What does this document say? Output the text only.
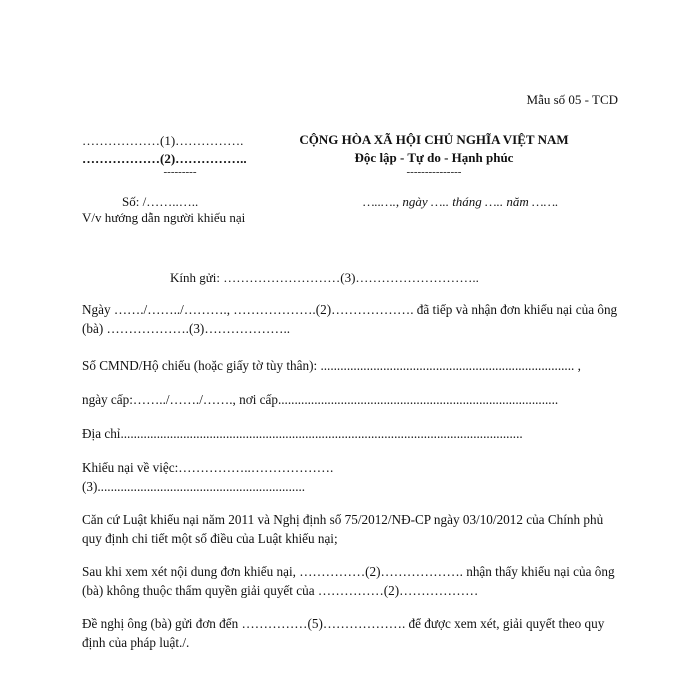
Mẫu số 05 - TCD
………………(1)…………….
………………(2)……………..
---------
CỘNG HÒA XÃ HỘI CHỦ NGHĨA VIỆT NAM
Độc lập - Tự do - Hạnh phúc
---------------
Số: /……..…..	…..…., ngày ….. tháng ….. năm …….
V/v hướng dẫn người khiếu nại
Kính gửi: ………………………(3)………………………..
Ngày ……./……../………., ……………….(2)………………. đã tiếp và nhận đơn khiếu nại của ông (bà) ……………….(3)………………..
Số CMND/Hộ chiếu (hoặc giấy tờ tùy thân): ............................................................................. ,
ngày cấp:……../……./……., nơi cấp.....................................................................................
Địa chỉ..........................................................................................................................
Khiếu nại về việc:……………..……………….
(3)...............................................................
Căn cứ Luật khiếu nại năm 2011 và Nghị định số 75/2012/NĐ-CP ngày 03/10/2012 của Chính phủ quy định chi tiết một số điều của Luật khiếu nại;
Sau khi xem xét nội dung đơn khiếu nại, ……………(2)………………. nhận thấy khiếu nại của ông (bà) không thuộc thẩm quyền giải quyết của ……………(2)………………
Đề nghị ông (bà) gửi đơn đến ……………(5)………………. để được xem xét, giải quyết theo quy định của pháp luật./.
